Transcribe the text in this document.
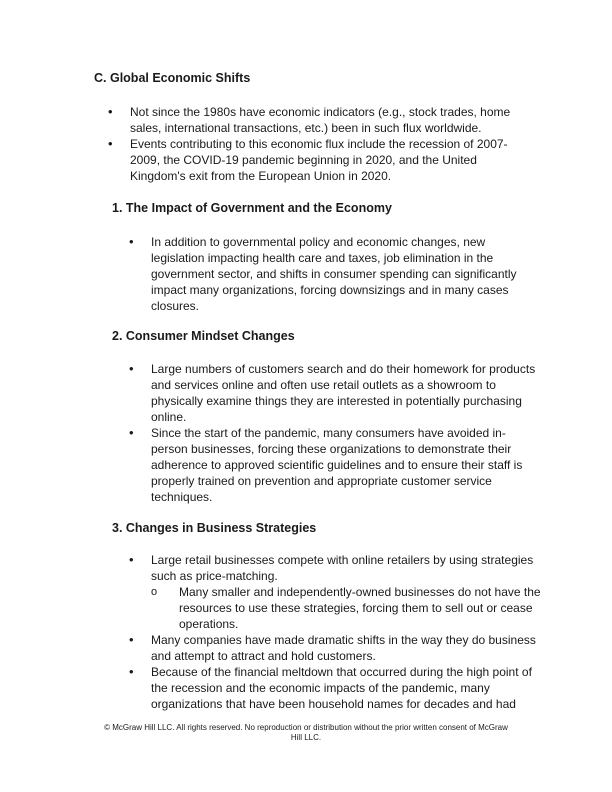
C. Global Economic Shifts
• Not since the 1980s have economic indicators (e.g., stock trades, home sales, international transactions, etc.) been in such flux worldwide.
• Events contributing to this economic flux include the recession of 2007-2009, the COVID-19 pandemic beginning in 2020, and the United Kingdom's exit from the European Union in 2020.
1. The Impact of Government and the Economy
• In addition to governmental policy and economic changes, new legislation impacting health care and taxes, job elimination in the government sector, and shifts in consumer spending can significantly impact many organizations, forcing downsizings and in many cases closures.
2. Consumer Mindset Changes
• Large numbers of customers search and do their homework for products and services online and often use retail outlets as a showroom to physically examine things they are interested in potentially purchasing online.
• Since the start of the pandemic, many consumers have avoided in-person businesses, forcing these organizations to demonstrate their adherence to approved scientific guidelines and to ensure their staff is properly trained on prevention and appropriate customer service techniques.
3. Changes in Business Strategies
• Large retail businesses compete with online retailers by using strategies such as price-matching.
o Many smaller and independently-owned businesses do not have the resources to use these strategies, forcing them to sell out or cease operations.
• Many companies have made dramatic shifts in the way they do business and attempt to attract and hold customers.
• Because of the financial meltdown that occurred during the high point of the recession and the economic impacts of the pandemic, many organizations that have been household names for decades and had
© McGraw Hill LLC. All rights reserved. No reproduction or distribution without the prior written consent of McGraw Hill LLC.
